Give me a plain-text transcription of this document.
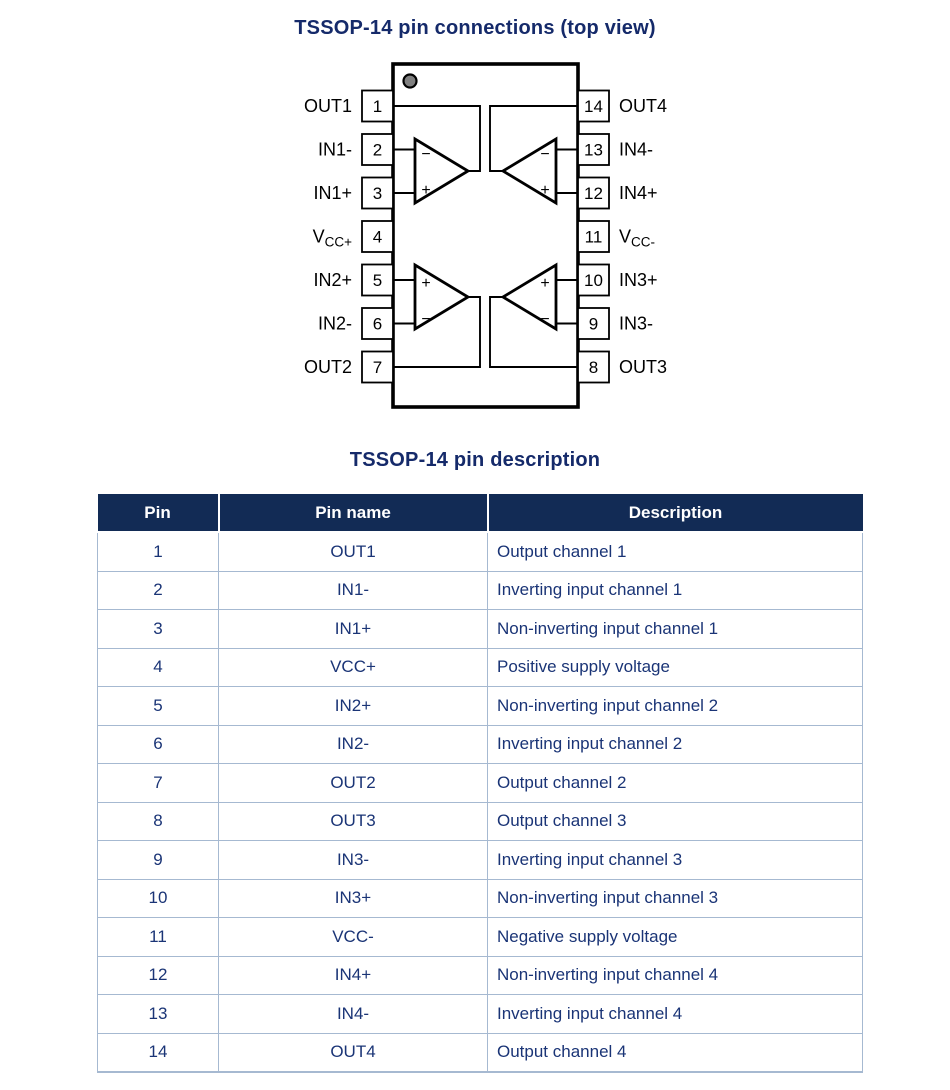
TSSOP-14 pin connections (top view)
1
OUT1
2
IN1-
3
IN1+
4
$V_{CC+}$
5
IN2+
6
IN2-
7
OUT2
14 OUT4
13 IN4-
12 IN4+
11 $V_{CC-}$
10 IN3+
9 IN3-
8 OUT3
−
+
−
+
+
−
+
−
TSSOP-14 pin description
Pin	Pin name	Description
1	OUT1	Output channel 1
2	IN1-	Inverting input channel 1
3	IN1+	Non-inverting input channel 1
4	VCC+	Positive supply voltage
5	IN2+	Non-inverting input channel 2
6	IN2-	Inverting input channel 2
7	OUT2	Output channel 2
8	OUT3	Output channel 3
9	IN3-	Inverting input channel 3
10	IN3+	Non-inverting input channel 3
11	VCC-	Negative supply voltage
12	IN4+	Non-inverting input channel 4
13	IN4-	Inverting input channel 4
14	OUT4	Output channel 4
